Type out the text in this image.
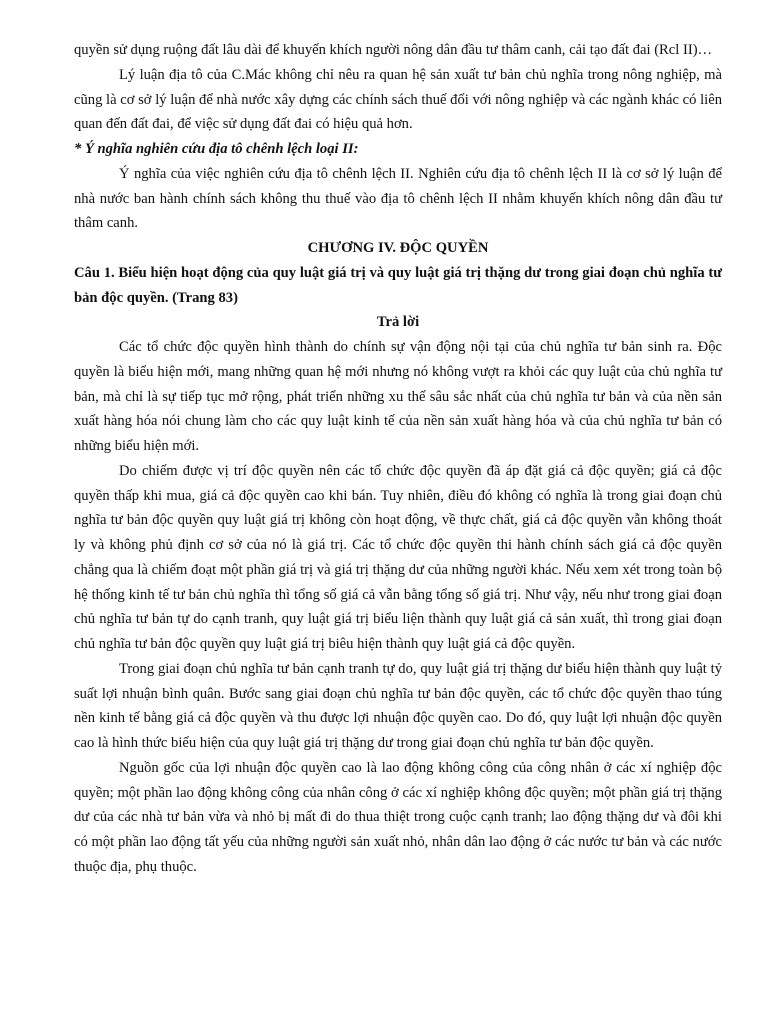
quyền sử dụng ruộng đất lâu dài để khuyến khích người nông dân đầu tư thâm canh, cải tạo đất đai (Rcl II)…

Lý luận địa tô của C.Mác không chỉ nêu ra quan hệ sản xuất tư bản chủ nghĩa trong nông nghiệp, mà cũng là cơ sở lý luận để nhà nước xây dựng các chính sách thuế đối với nông nghiệp và các ngành khác có liên quan đến đất đai, để việc sử dụng đất đai có hiệu quả hơn.

* Ý nghĩa nghiên cứu địa tô chênh lệch loại II:

Ý nghĩa của việc nghiên cứu địa tô chênh lệch II. Nghiên cứu địa tô chênh lệch II là cơ sở lý luận để nhà nước ban hành chính sách không thu thuế vào địa tô chênh lệch II nhằm khuyến khích nông dân đầu tư thâm canh.

CHƯƠNG IV. ĐỘC QUYỀN

Câu 1. Biểu hiện hoạt động của quy luật giá trị và quy luật giá trị thặng dư trong giai đoạn chủ nghĩa tư bản độc quyền. (Trang 83)

Trả lời

Các tổ chức độc quyền hình thành do chính sự vận động nội tại của chủ nghĩa tư bản sinh ra. Độc quyền là biểu hiện mới, mang những quan hệ mới nhưng nó không vượt ra khỏi các quy luật của chủ nghĩa tư bản, mà chỉ là sự tiếp tục mở rộng, phát triển những xu thế sâu sắc nhất của chủ nghĩa tư bản và của nền sản xuất hàng hóa nói chung làm cho các quy luật kinh tế của nền sản xuất hàng hóa và của chủ nghĩa tư bản có những biểu hiện mới.

Do chiếm được vị trí độc quyền nên các tổ chức độc quyền đã áp đặt giá cả độc quyền; giá cả độc quyền thấp khi mua, giá cả độc quyền cao khi bán. Tuy nhiên, điều đó không có nghĩa là trong giai đoạn chủ nghĩa tư bản độc quyền quy luật giá trị không còn hoạt động, về thực chất, giá cả độc quyền vẫn không thoát ly và không phủ định cơ sở của nó là giá trị. Các tổ chức độc quyền thi hành chính sách giá cả độc quyền chẳng qua là chiếm đoạt một phần giá trị và giá trị thặng dư của những người khác. Nếu xem xét trong toàn bộ hệ thống kinh tế tư bản chủ nghĩa thì tổng số giá cả vẫn bằng tổng số giá trị. Như vậy, nếu như trong giai đoạn chủ nghĩa tư bản tự do cạnh tranh, quy luật giá trị biểu liện thành quy luật giá cả sản xuất, thì trong giai đoạn chủ nghĩa tư bản độc quyền quy luật giá trị biêu hiện thành quy luật giá cả độc quyền.

Trong giai đoạn chủ nghĩa tư bản cạnh tranh tự do, quy luật giá trị thặng dư biểu hiện thành quy luật tỷ suất lợi nhuận bình quân. Bước sang giai đoạn chủ nghĩa tư bản độc quyền, các tổ chức độc quyền thao túng nền kinh tế bằng giá cả độc quyền và thu được lợi nhuận độc quyền cao. Do đó, quy luật lợi nhuận độc quyền cao là hình thức biểu hiện của quy luật giá trị thặng dư trong giai đoạn chủ nghĩa tư bản độc quyền.

Nguồn gốc của lợi nhuận độc quyền cao là lao động không công của công nhân ở các xí nghiệp độc quyền; một phần lao động không công của nhân công ở các xí nghiệp không độc quyền; một phần giá trị thặng dư của các nhà tư bản vừa và nhỏ bị mất đi do thua thiệt trong cuộc cạnh tranh; lao động thặng dư và đôi khi có một phần lao động tất yếu của những người sản xuất nhỏ, nhân dân lao động ở các nước tư bản và các nước thuộc địa, phụ thuộc.
